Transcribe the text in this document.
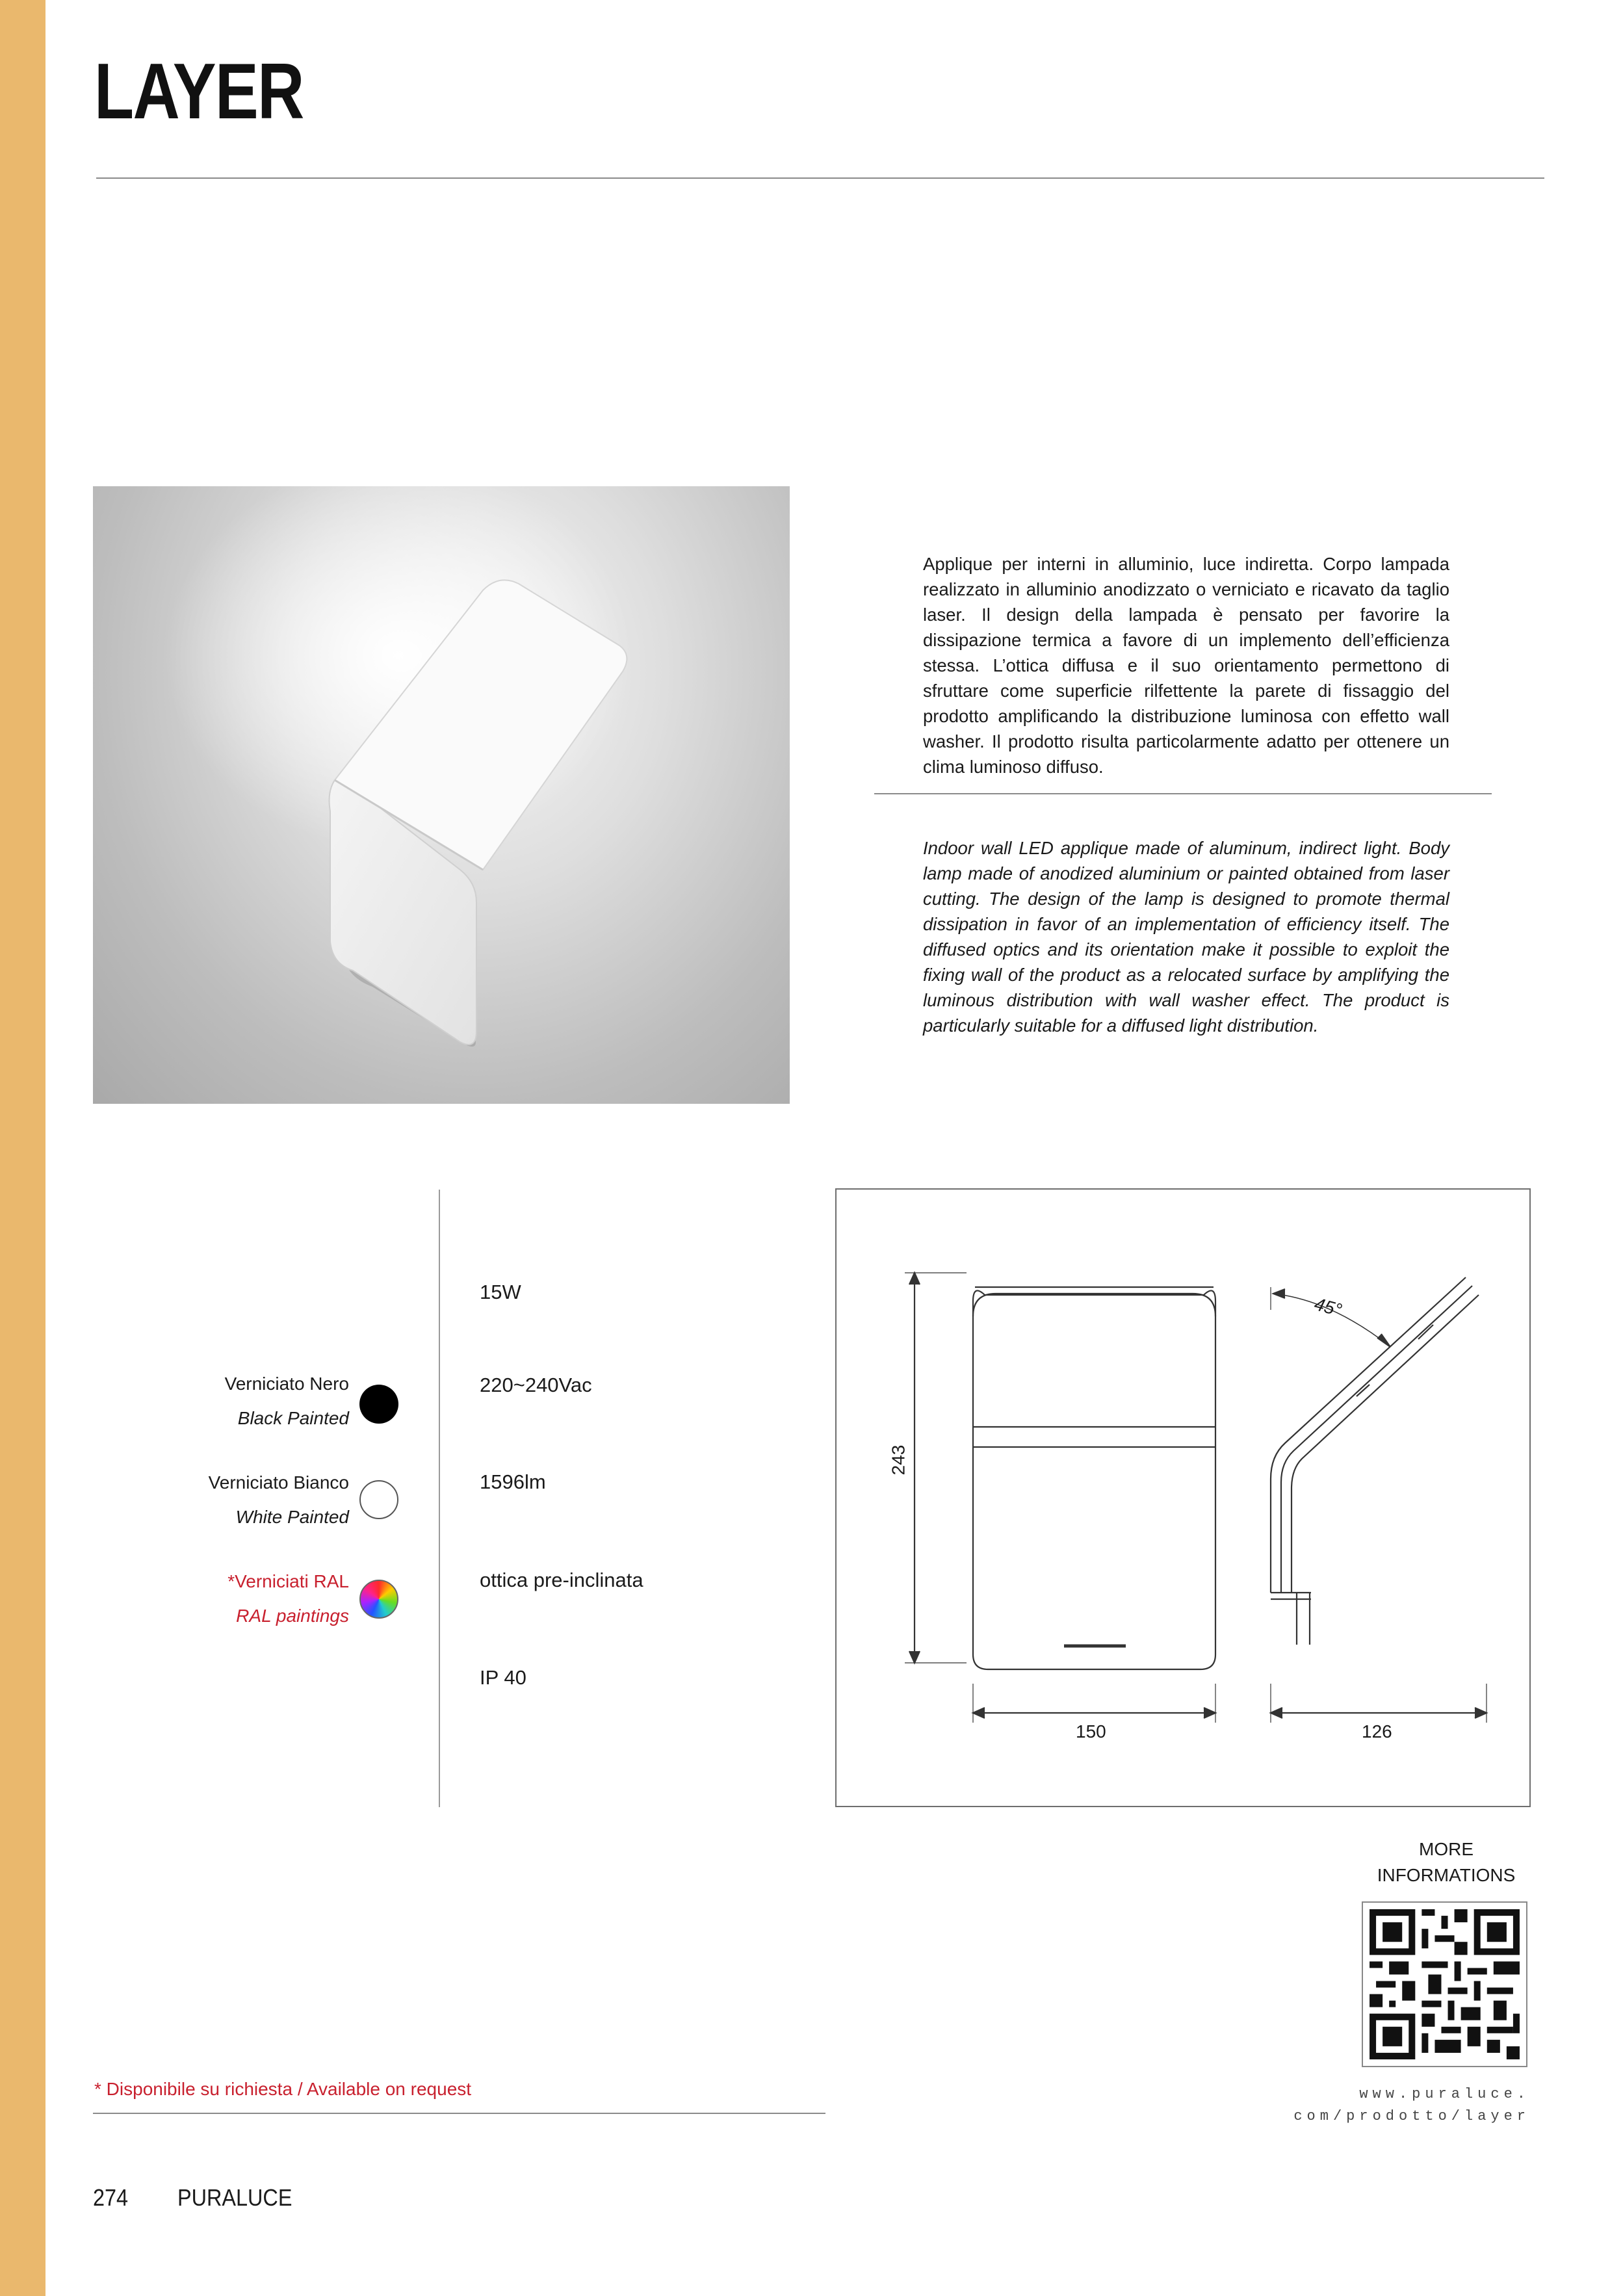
LAYER

Applique per interni in alluminio, luce indiretta. Corpo lampada realizzato in alluminio anodizzato o verniciato e ricavato da taglio laser. Il design della lampada è pensato per favorire la dissipazione termica a favore di un implemento dell’efficienza stessa. L’ottica diffusa e il suo orientamento permettono di sfruttare come superficie rilfettente la parete di fissaggio del prodotto amplificando la distribuzione luminosa con effetto wall washer. Il prodotto risulta particolarmente adatto per ottenere un clima luminoso diffuso.

Indoor wall LED applique made of aluminum, indirect light. Body lamp made of anodized aluminium or painted obtained from laser cutting. The design of the lamp is designed to promote thermal dissipation in favor of an implementation of efficiency itself. The diffused optics and its orientation make it possible to exploit the fixing wall of the product as a relocated surface by amplifying the luminous distribution with wall washer effect. The product is particularly suitable for a diffused light distribution.

Verniciato Nero
Black Painted
Verniciato Bianco
White Painted
*Verniciati RAL
RAL paintings
15W
220~240Vac
1596lm
ottica pre-inclinata
IP 40
243
150	126
45°
MORE
INFORMATIONS
www.puraluce.
com/prodotto/layer
* Disponibile su richiesta / Available on request
274 PURALUCE
